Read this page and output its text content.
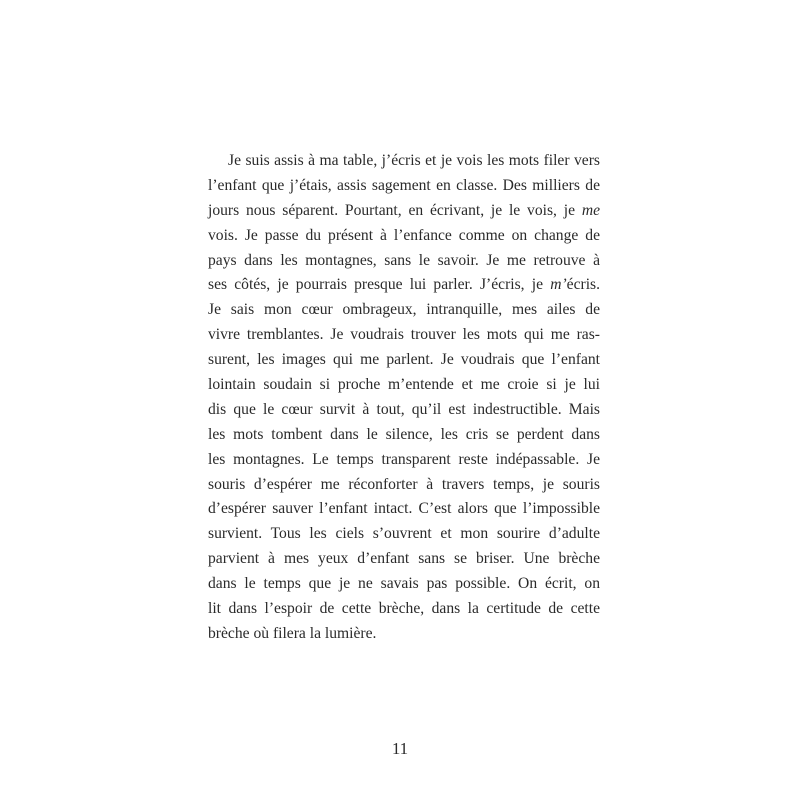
Je suis assis à ma table, j’écris et je vois les mots filer vers
l’enfant que j’étais, assis sagement en classe. Des milliers de
jours nous séparent. Pourtant, en écrivant, je le vois, je me
vois. Je passe du présent à l’enfance comme on change de
pays dans les montagnes, sans le savoir. Je me retrouve à
ses côtés, je pourrais presque lui parler. J’écris, je m’écris.
Je sais mon cœur ombrageux, intranquille, mes ailes de
vivre tremblantes. Je voudrais trouver les mots qui me ras-
surent, les images qui me parlent. Je voudrais que l’enfant
lointain soudain si proche m’entende et me croie si je lui
dis que le cœur survit à tout, qu’il est indestructible. Mais
les mots tombent dans le silence, les cris se perdent dans
les montagnes. Le temps transparent reste indépassable. Je
souris d’espérer me réconforter à travers temps, je souris
d’espérer sauver l’enfant intact. C’est alors que l’impossible
survient. Tous les ciels s’ouvrent et mon sourire d’adulte
parvient à mes yeux d’enfant sans se briser. Une brèche
dans le temps que je ne savais pas possible. On écrit, on
lit dans l’espoir de cette brèche, dans la certitude de cette
brèche où filera la lumière.
11
